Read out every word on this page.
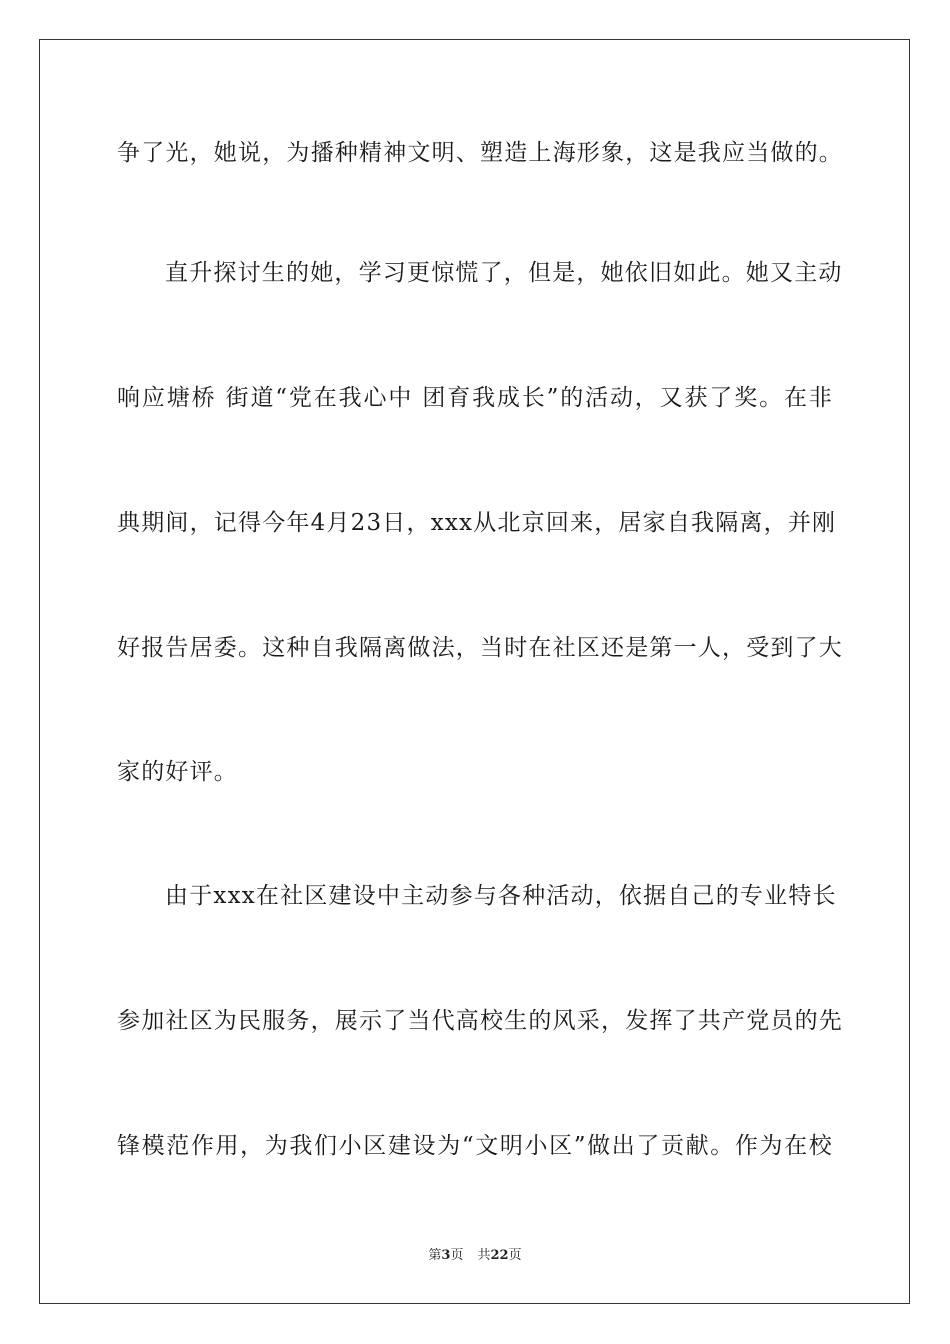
争了光，她说，为播种精神文明、塑造上海形象，这是我应当做的。
直升探讨生的她，学习更惊慌了，但是，她依旧如此。她又主动
响应塘桥 街道“党在我心中 团育我成长”的活动，又获了奖。在非
典期间，记得今年4月23日，xxx从北京回来，居家自我隔离，并刚
好报告居委。这种自我隔离做法，当时在社区还是第一人，受到了大
家的好评。
由于xxx在社区建设中主动参与各种活动，依据自己的专业特长
参加社区为民服务，展示了当代高校生的风采，发挥了共产党员的先
锋模范作用，为我们小区建设为“文明小区”做出了贡献。作为在校
第3页 共22页
